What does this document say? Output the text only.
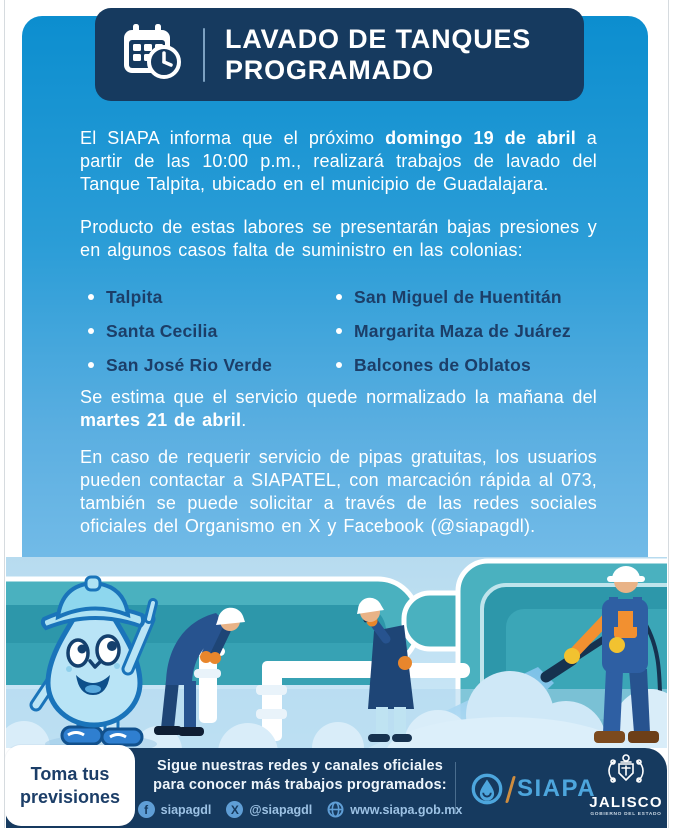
LAVADO DE TANQUES
PROGRAMADO

El SIAPA informa que el próximo domingo 19 de abril a partir de las 10:00 p.m., realizará trabajos de lavado del Tanque Talpita, ubicado en el municipio de Guadalajara.

Producto de estas labores se presentarán bajas presiones y en algunos casos falta de suministro en las colonias:

Talpita
Santa Cecilia
San José Rio Verde
San Miguel de Huentitán
Margarita Maza de Juárez
Balcones de Oblatos

Se estima que el servicio quede normalizado la mañana del martes 21 de abril.

En caso de requerir servicio de pipas gratuitas, los usuarios pueden contactar a SIAPATEL, con marcación rápida al 073, también se puede solicitar a través de las redes sociales oficiales del Organismo en X y Facebook (@siapagdl).

Sigue nuestras redes y canales oficiales
para conocer más trabajos programados:
f	siapagdl	X @siapagdl	www.siapa.gob.mx
SIAPA
JALISCO
GOBIERNO DEL ESTADO
Toma tus
previsiones
